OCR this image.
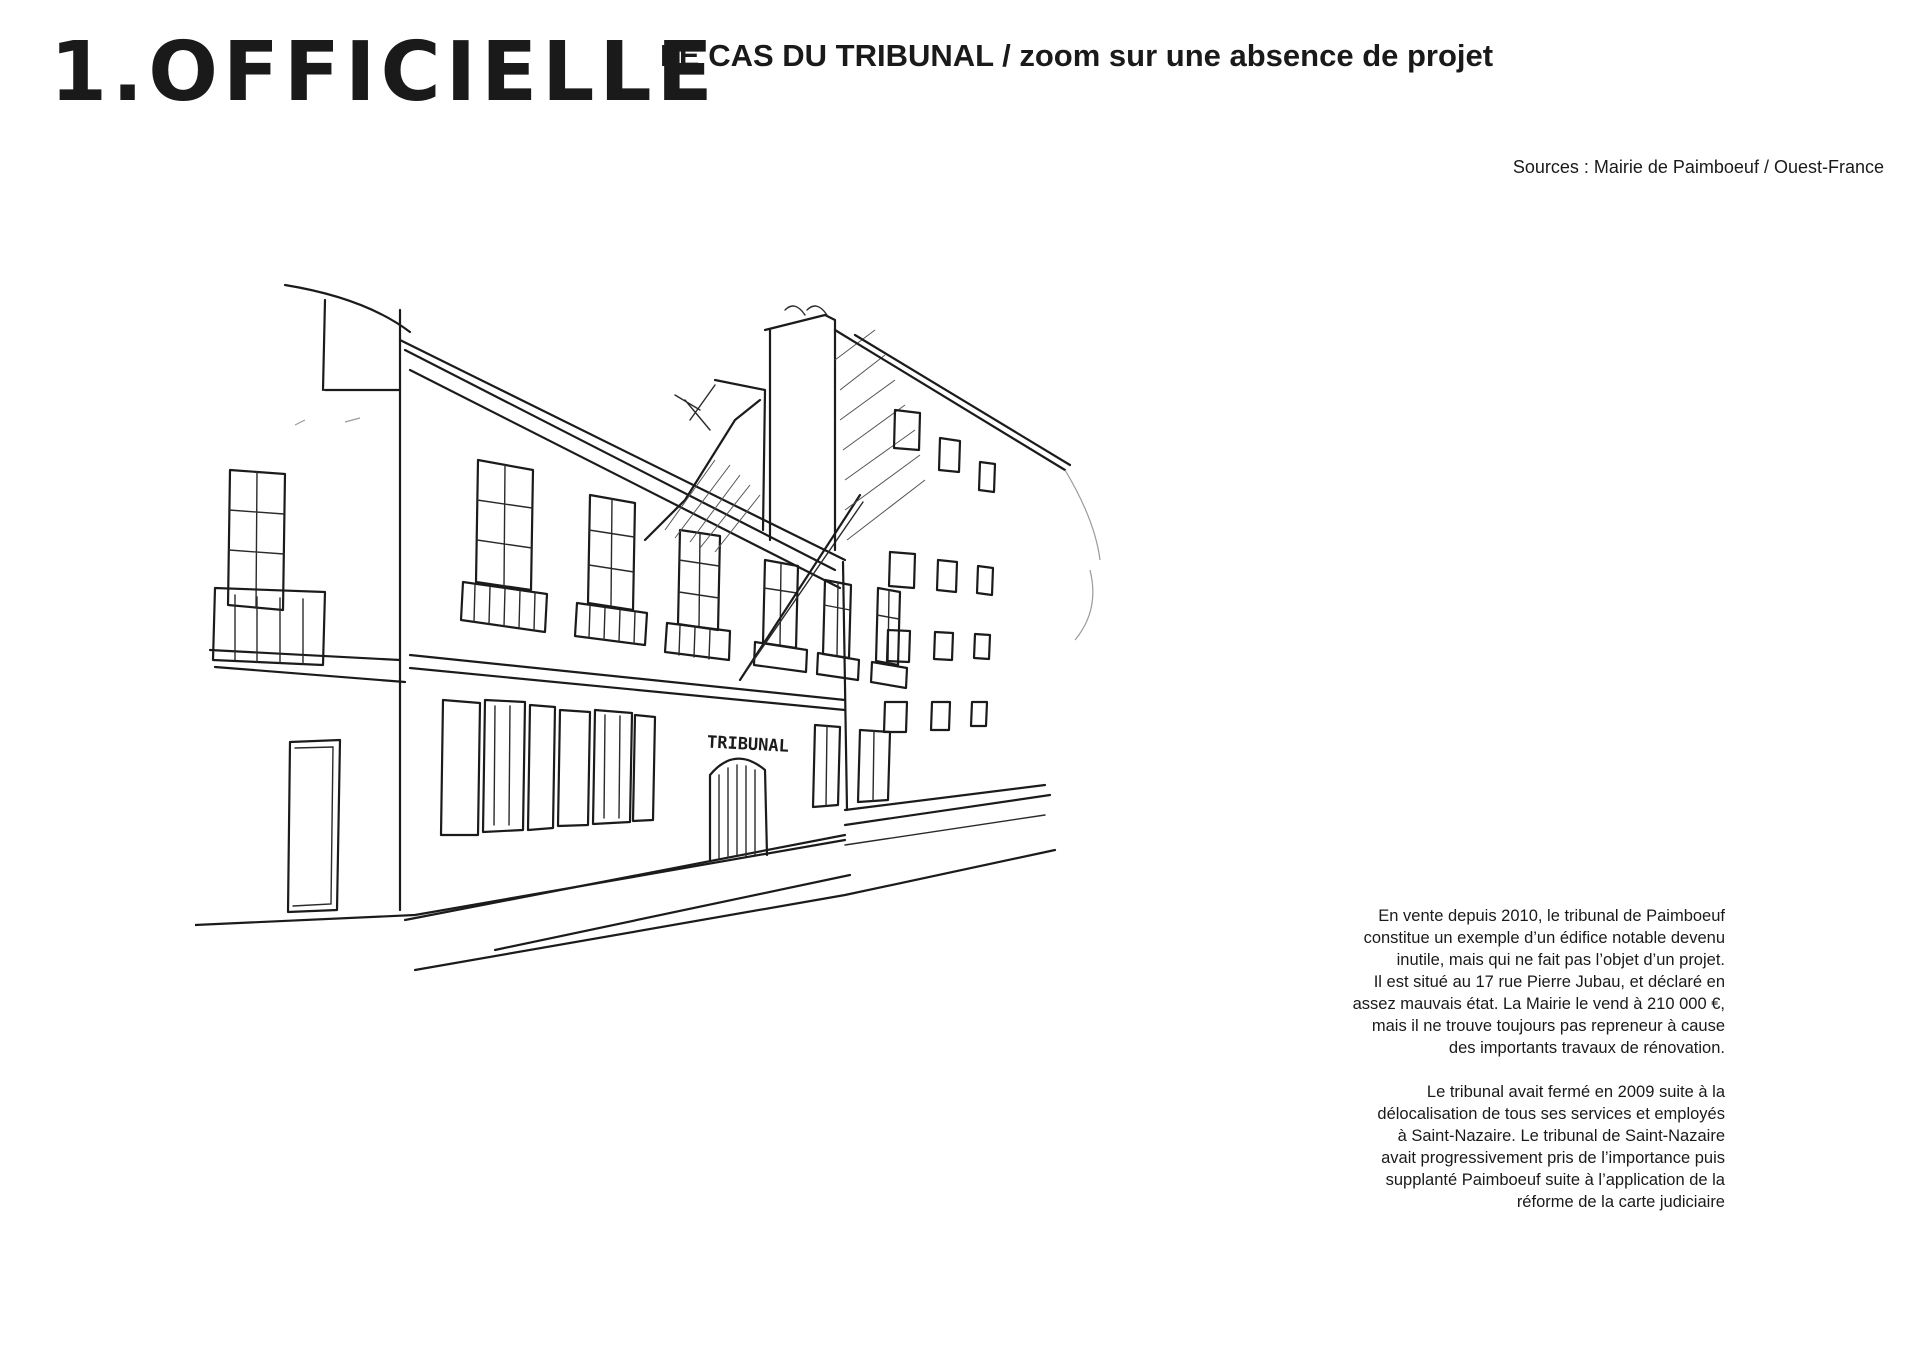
1.OFFICIELLE
LE CAS DU TRIBUNAL / zoom sur une absence de projet
Sources : Mairie de Paimboeuf / Ouest-France
TRIBUNAL

En vente depuis 2010, le tribunal de Paimboeuf
constitue un exemple d’un édifice notable devenu
inutile, mais qui ne fait pas l’objet d’un projet.
Il est situé au 17 rue Pierre Jubau, et déclaré en
assez mauvais état. La Mairie le vend à 210 000 €,
mais il ne trouve toujours pas repreneur à cause
des importants travaux de rénovation.

Le tribunal avait fermé en 2009 suite à la
délocalisation de tous ses services et employés
à Saint-Nazaire. Le tribunal de Saint-Nazaire
avait progressivement pris de l’importance puis
supplanté Paimboeuf suite à l’application de la
réforme de la carte judiciaire
